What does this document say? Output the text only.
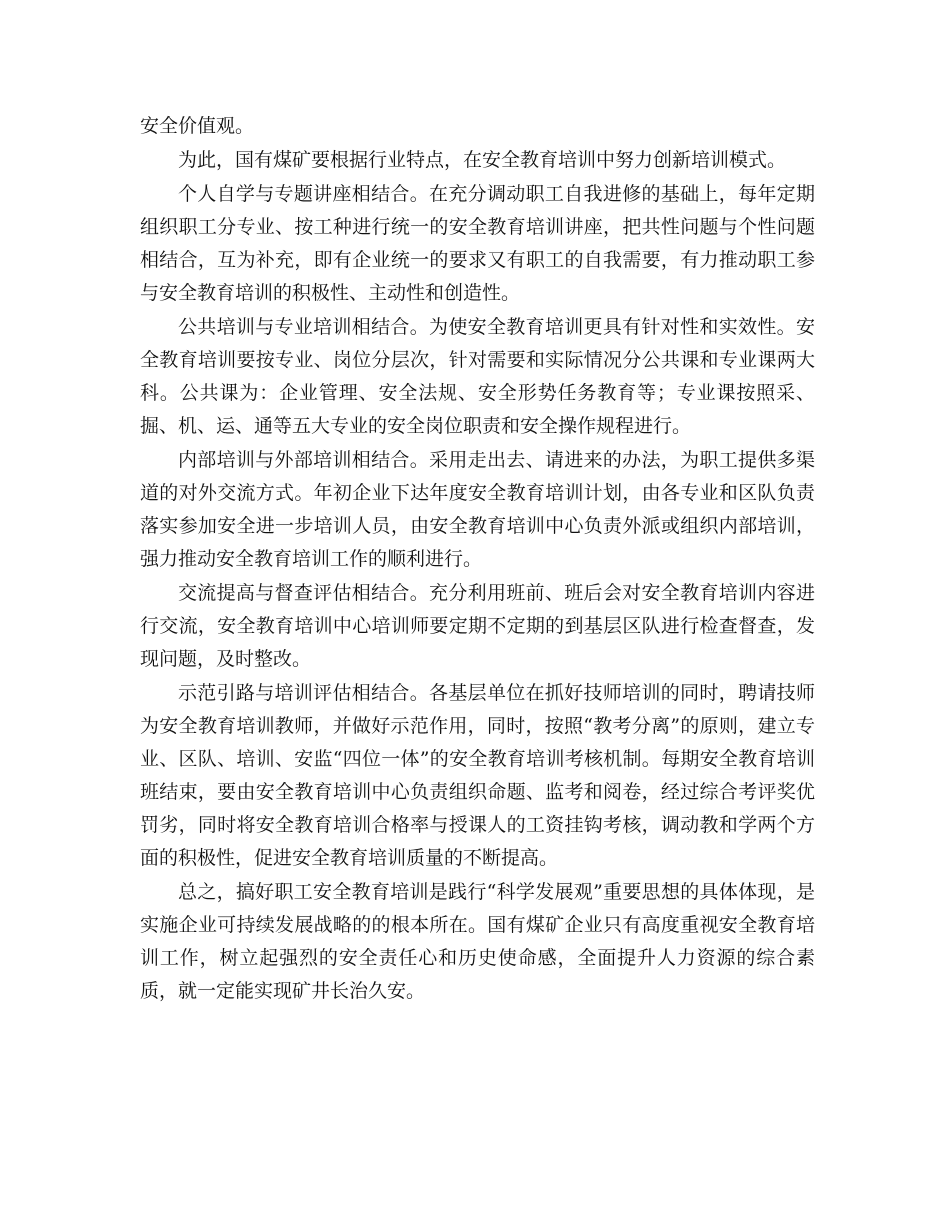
安全价值观。

为此，国有煤矿要根据行业特点，在安全教育培训中努力创新培训模式。

个人自学与专题讲座相结合。在充分调动职工自我进修的基础上，每年定期组织职工分专业、按工种进行统一的安全教育培训讲座，把共性问题与个性问题相结合，互为补充，即有企业统一的要求又有职工的自我需要，有力推动职工参与安全教育培训的积极性、主动性和创造性。

公共培训与专业培训相结合。为使安全教育培训更具有针对性和实效性。安全教育培训要按专业、岗位分层次，针对需要和实际情况分公共课和专业课两大科。公共课为：企业管理、安全法规、安全形势任务教育等；专业课按照采、掘、机、运、通等五大专业的安全岗位职责和安全操作规程进行。

内部培训与外部培训相结合。采用走出去、请进来的办法，为职工提供多渠道的对外交流方式。年初企业下达年度安全教育培训计划，由各专业和区队负责落实参加安全进一步培训人员，由安全教育培训中心负责外派或组织内部培训，强力推动安全教育培训工作的顺利进行。

交流提高与督查评估相结合。充分利用班前、班后会对安全教育培训内容进行交流，安全教育培训中心培训师要定期不定期的到基层区队进行检查督查，发现问题，及时整改。

示范引路与培训评估相结合。各基层单位在抓好技师培训的同时，聘请技师为安全教育培训教师，并做好示范作用，同时，按照“教考分离”的原则，建立专业、区队、培训、安监“四位一体”的安全教育培训考核机制。每期安全教育培训班结束，要由安全教育培训中心负责组织命题、监考和阅卷，经过综合考评奖优罚劣，同时将安全教育培训合格率与授课人的工资挂钩考核，调动教和学两个方面的积极性，促进安全教育培训质量的不断提高。

总之，搞好职工安全教育培训是践行“科学发展观”重要思想的具体体现，是实施企业可持续发展战略的的根本所在。国有煤矿企业只有高度重视安全教育培训工作，树立起强烈的安全责任心和历史使命感，全面提升人力资源的综合素质，就一定能实现矿井长治久安。
